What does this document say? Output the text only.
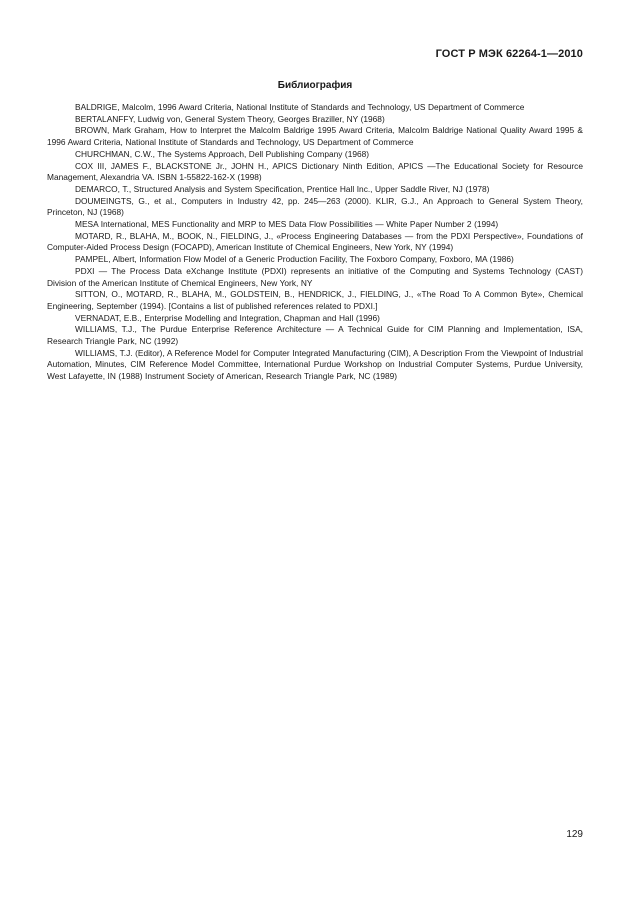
ГОСТ Р МЭК 62264-1—2010
Библиография
BALDRIGE, Malcolm, 1996 Award Criteria, National Institute of Standards and Technology, US Department of Commerce
BERTALANFFY, Ludwig von, General System Theory, Georges Braziller, NY (1968)
BROWN, Mark Graham, How to Interpret the Malcolm Baldrige 1995 Award Criteria, Malcolm Baldrige National Quality Award 1995 & 1996 Award Criteria, National Institute of Standards and Technology, US Department of Commerce
CHURCHMAN, C.W., The Systems Approach, Dell Publishing Company (1968)
COX III, JAMES F., BLACKSTONE Jr., JOHN H., APICS Dictionary Ninth Edition, APICS —The Educational Society for Resource Management, Alexandria VA. ISBN 1-55822-162-X (1998)
DEMARCO, T., Structured Analysis and System Specification, Prentice Hall Inc., Upper Saddle River, NJ (1978)
DOUMEINGTS, G., et al., Computers in Industry 42, pp. 245—263 (2000). KLIR, G.J., An Approach to General System Theory, Princeton, NJ (1968)
MESA International, MES Functionality and MRP to MES Data Flow Possibilities — White Paper Number 2 (1994)
MOTARD, R., BLAHA, M., BOOK, N., FIELDING, J., «Process Engineering Databases — from the PDXI Perspective», Foundations of Computer-Aided Process Design (FOCAPD), American Institute of Chemical Engineers, New York, NY (1994)
PAMPEL, Albert, Information Flow Model of a Generic Production Facility, The Foxboro Company, Foxboro, MA (1986)
PDXI — The Process Data eXchange Institute (PDXI) represents an initiative of the Computing and Systems Technology (CAST) Division of the American Institute of Chemical Engineers, New York, NY
SITTON, O., MOTARD, R., BLAHA, M., GOLDSTEIN, B., HENDRICK, J., FIELDING, J., «The Road To A Common Byte», Chemical Engineering, September (1994). [Contains a list of published references related to PDXI.]
VERNADAT, E.B., Enterprise Modelling and Integration, Chapman and Hall (1996)
WILLIAMS, T.J., The Purdue Enterprise Reference Architecture — A Technical Guide for CIM Planning and Implementation, ISA, Research Triangle Park, NC (1992)
WILLIAMS, T.J. (Editor), A Reference Model for Computer Integrated Manufacturing (CIM), A Description From the Viewpoint of Industrial Automation, Minutes, CIM Reference Model Committee, International Purdue Workshop on Industrial Computer Systems, Purdue University, West Lafayette, IN (1988) Instrument Society of American, Research Triangle Park, NC (1989)
129
